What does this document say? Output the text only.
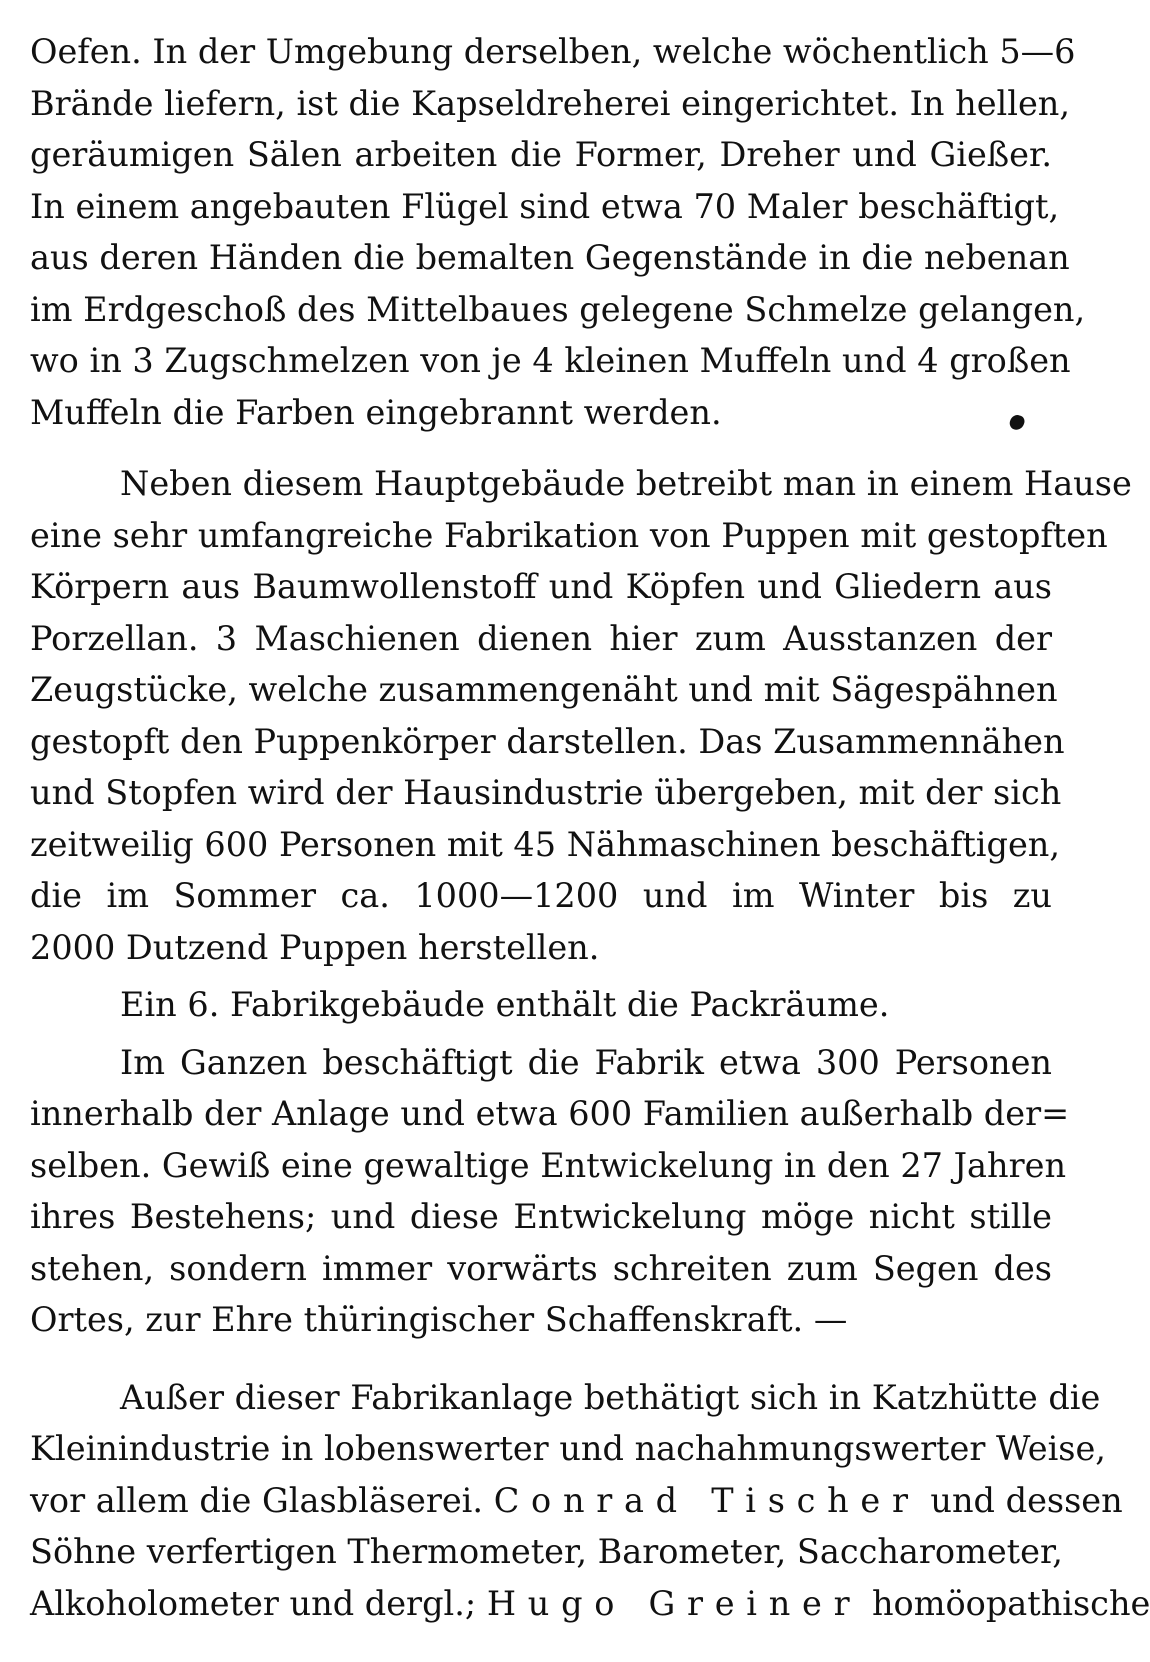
Oefen. In der Umgebung derselben, welche wöchentlich 5—6
Brände liefern, ist die Kapseldreherei eingerichtet. In hellen,
geräumigen Sälen arbeiten die Former, Dreher und Gießer.
In einem angebauten Flügel sind etwa 70 Maler beschäftigt,
aus deren Händen die bemalten Gegenstände in die nebenan
im Erdgeschoß des Mittelbaues gelegene Schmelze gelangen,
wo in 3 Zugschmelzen von je 4 kleinen Muffeln und 4 großen
Muffeln die Farben eingebrannt werden.
Neben diesem Hauptgebäude betreibt man in einem Hause
eine sehr umfangreiche Fabrikation von Puppen mit gestopften
Körpern aus Baumwollenstoff und Köpfen und Gliedern aus
Porzellan. 3 Maschienen dienen hier zum Ausstanzen der
Zeugstücke, welche zusammengenäht und mit Sägespähnen
gestopft den Puppenkörper darstellen. Das Zusammennähen
und Stopfen wird der Hausindustrie übergeben, mit der sich
zeitweilig 600 Personen mit 45 Nähmaschinen beschäftigen,
die im Sommer ca. 1000—1200 und im Winter bis zu
2000 Dutzend Puppen herstellen.
Ein 6. Fabrikgebäude enthält die Packräume.
Im Ganzen beschäftigt die Fabrik etwa 300 Personen
innerhalb der Anlage und etwa 600 Familien außerhalb der=
selben. Gewiß eine gewaltige Entwickelung in den 27 Jahren
ihres Bestehens; und diese Entwickelung möge nicht stille
stehen, sondern immer vorwärts schreiten zum Segen des
Ortes, zur Ehre thüringischer Schaffenskraft. —
Außer dieser Fabrikanlage bethätigt sich in Katzhütte die
Kleinindustrie in lobenswerter und nachahmungswerter Weise,
vor allem die Glasbläserei. Conrad Tischer und dessen
Söhne verfertigen Thermometer, Barometer, Saccharometer,
Alkoholometer und dergl.; Hugo Greiner homöopathische
